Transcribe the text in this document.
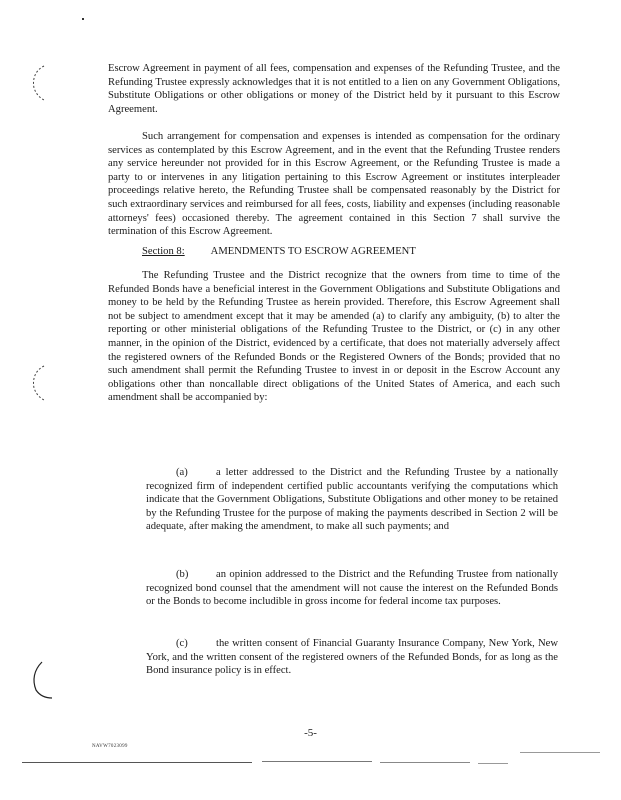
Escrow Agreement in payment of all fees, compensation and expenses of the Refunding Trustee, and the Refunding Trustee expressly acknowledges that it is not entitled to a lien on any Government Obligations, Substitute Obligations or other obligations or money of the District held by it pursuant to this Escrow Agreement.

Such arrangement for compensation and expenses is intended as compensation for the ordinary services as contemplated by this Escrow Agreement, and in the event that the Refunding Trustee renders any service hereunder not provided for in this Escrow Agreement, or the Refunding Trustee is made a party to or intervenes in any litigation pertaining to this Escrow Agreement or institutes interpleader proceedings relative hereto, the Refunding Trustee shall be compensated reasonably by the District for such extraordinary services and reimbursed for all fees, costs, liability and expenses (including reasonable attorneys' fees) occasioned thereby. The agreement contained in this Section 7 shall survive the termination of this Escrow Agreement.

Section 8: AMENDMENTS TO ESCROW AGREEMENT

The Refunding Trustee and the District recognize that the owners from time to time of the Refunded Bonds have a beneficial interest in the Government Obligations and Substitute Obligations and money to be held by the Refunding Trustee as herein provided. Therefore, this Escrow Agreement shall not be subject to amendment except that it may be amended (a) to clarify any ambiguity, (b) to alter the reporting or other ministerial obligations of the Refunding Trustee to the District, or (c) in any other manner, in the opinion of the District, evidenced by a certificate, that does not materially adversely affect the registered owners of the Refunded Bonds or the Registered Owners of the Bonds; provided that no such amendment shall permit the Refunding Trustee to invest in or deposit in the Escrow Account any obligations other than noncallable direct obligations of the United States of America, and each such amendment shall be accompanied by:

(a)	a letter addressed to the District and the Refunding Trustee by a nationally recognized firm of independent certified public accountants verifying the computations which indicate that the Government Obligations, Substitute Obligations and other money to be retained by the Refunding Trustee for the purpose of making the payments described in Section 2 will be adequate, after making the amendment, to make all such payments; and

(b)	an opinion addressed to the District and the Refunding Trustee from nationally recognized bond counsel that the amendment will not cause the interest on the Refunded Bonds or the Bonds to become includible in gross income for federal income tax purposes.

(c)	the written consent of Financial Guaranty Insurance Company, New York, New York, and the written consent of the registered owners of the Refunded Bonds, for as long as the Bond insurance policy is in effect.

-5-
NAVW7023099
